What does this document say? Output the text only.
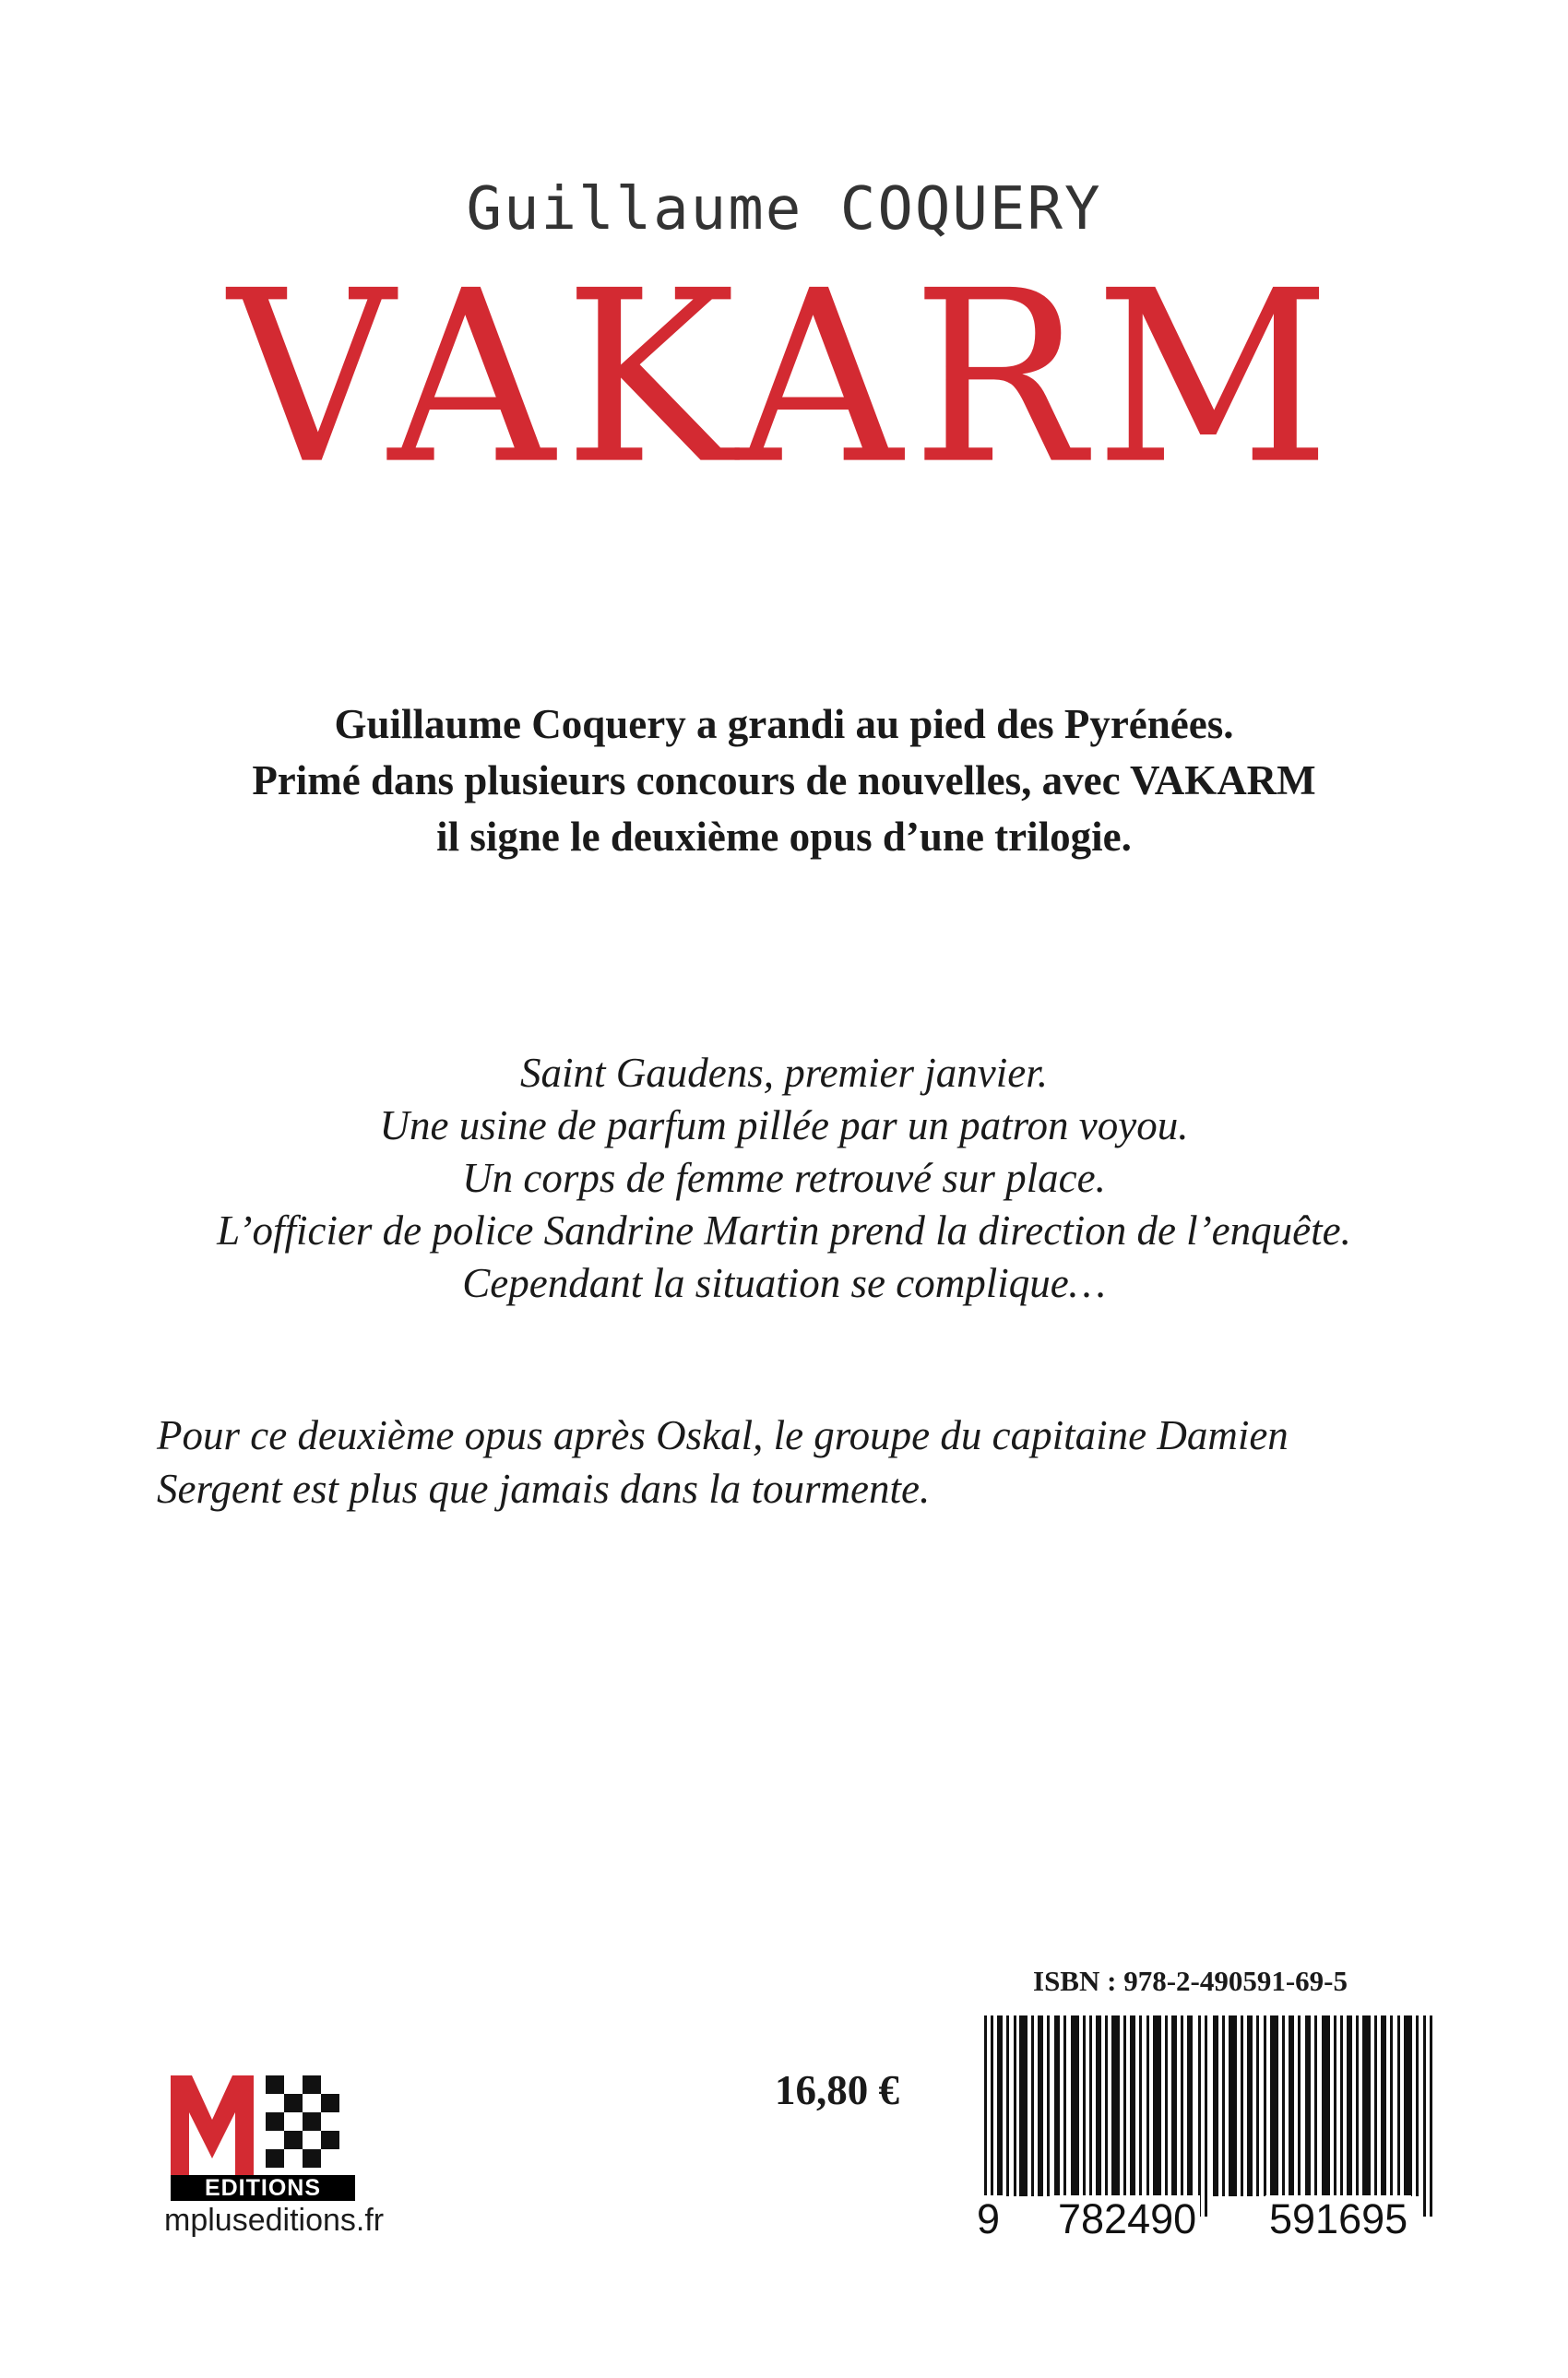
Guillaume COQUERY
VAKARM
Guillaume Coquery a grandi au pied des Pyrénées.
Primé dans plusieurs concours de nouvelles, avec VAKARM
il signe le deuxième opus d’une trilogie.
Saint Gaudens, premier janvier.
Une usine de parfum pillée par un patron voyou.
Un corps de femme retrouvé sur place.
L’officier de police Sandrine Martin prend la direction de l’enquête.
Cependant la situation se complique…
Pour ce deuxième opus après Oskal, le groupe du capitaine Damien
Sergent est plus que jamais dans la tourmente.
ISBN : 978-2-490591-69-5
9 782490 591695
16,80 €
EDITIONS
mpluseditions.fr
